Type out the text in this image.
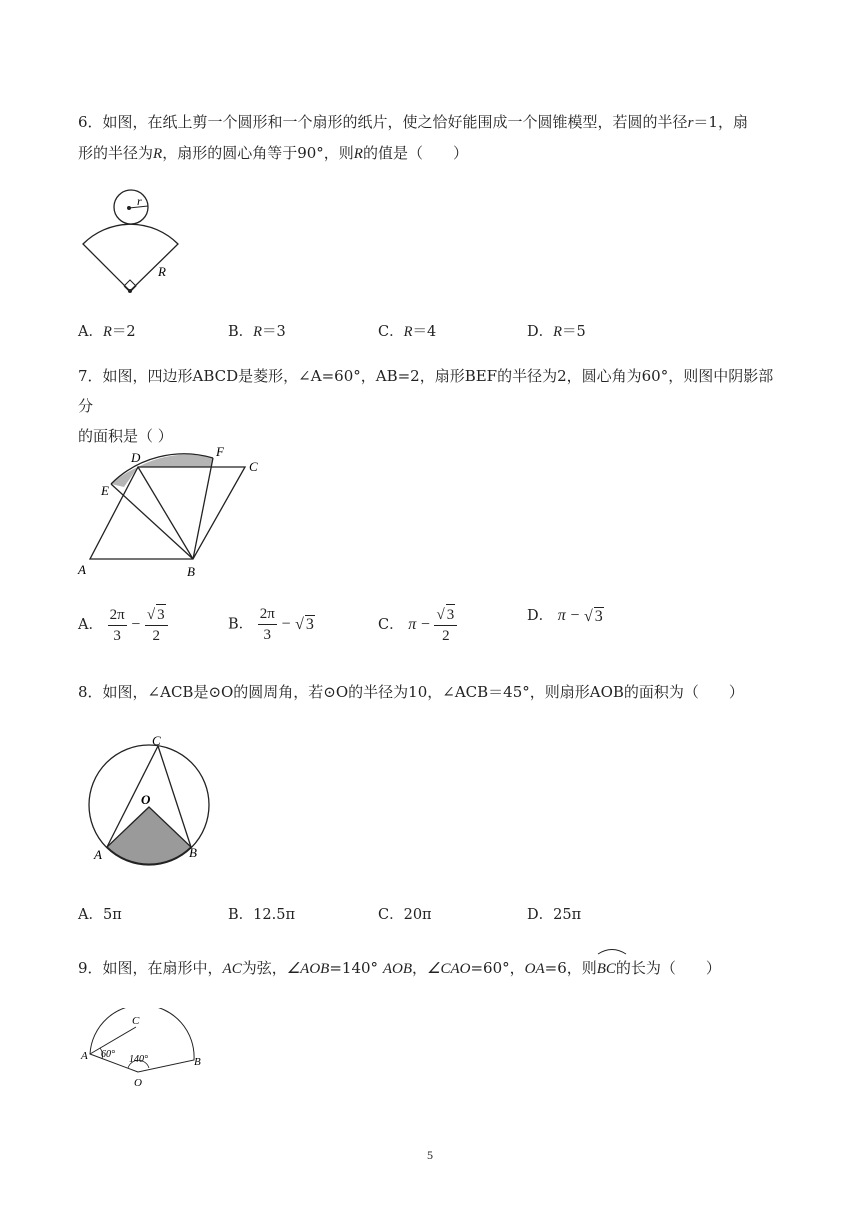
6．如图，在纸上剪一个圆形和一个扇形的纸片，使之恰好能围成一个圆锥模型，若圆的半径r＝1，扇
形的半径为R，扇形的圆心角等于90°，则R的值是（　　）
r
R
A．R＝2	B．R＝3	C．R＝4	D．R＝5
7．如图，四边形ABCD是菱形，∠A=60°，AB=2，扇形BEF的半径为2，圆心角为60°，则图中阴影部分
的面积是（ ）
A	B
C
D
E
F
A． $\frac{2\pi}{3} - \frac{√ 3}{2}$	B． $\frac{2\pi}{3}$ − √ 3	C． $\pi - \frac{√ 3}{2}$	D． π − √ 3
8．如图，∠ACB是⊙O的圆周角，若⊙O的半径为10，∠ACB＝45°，则扇形AOB的面积为（　　）
C
O
A	B
A．5π	B．12.5π	C．20π	D．25π
9．如图，在扇形中，AC为弦，∠AOB=140° AOB，∠CAO=60°，OA=6，则
BC的长为（　　）
C
A	B
O
60° 140°
5
